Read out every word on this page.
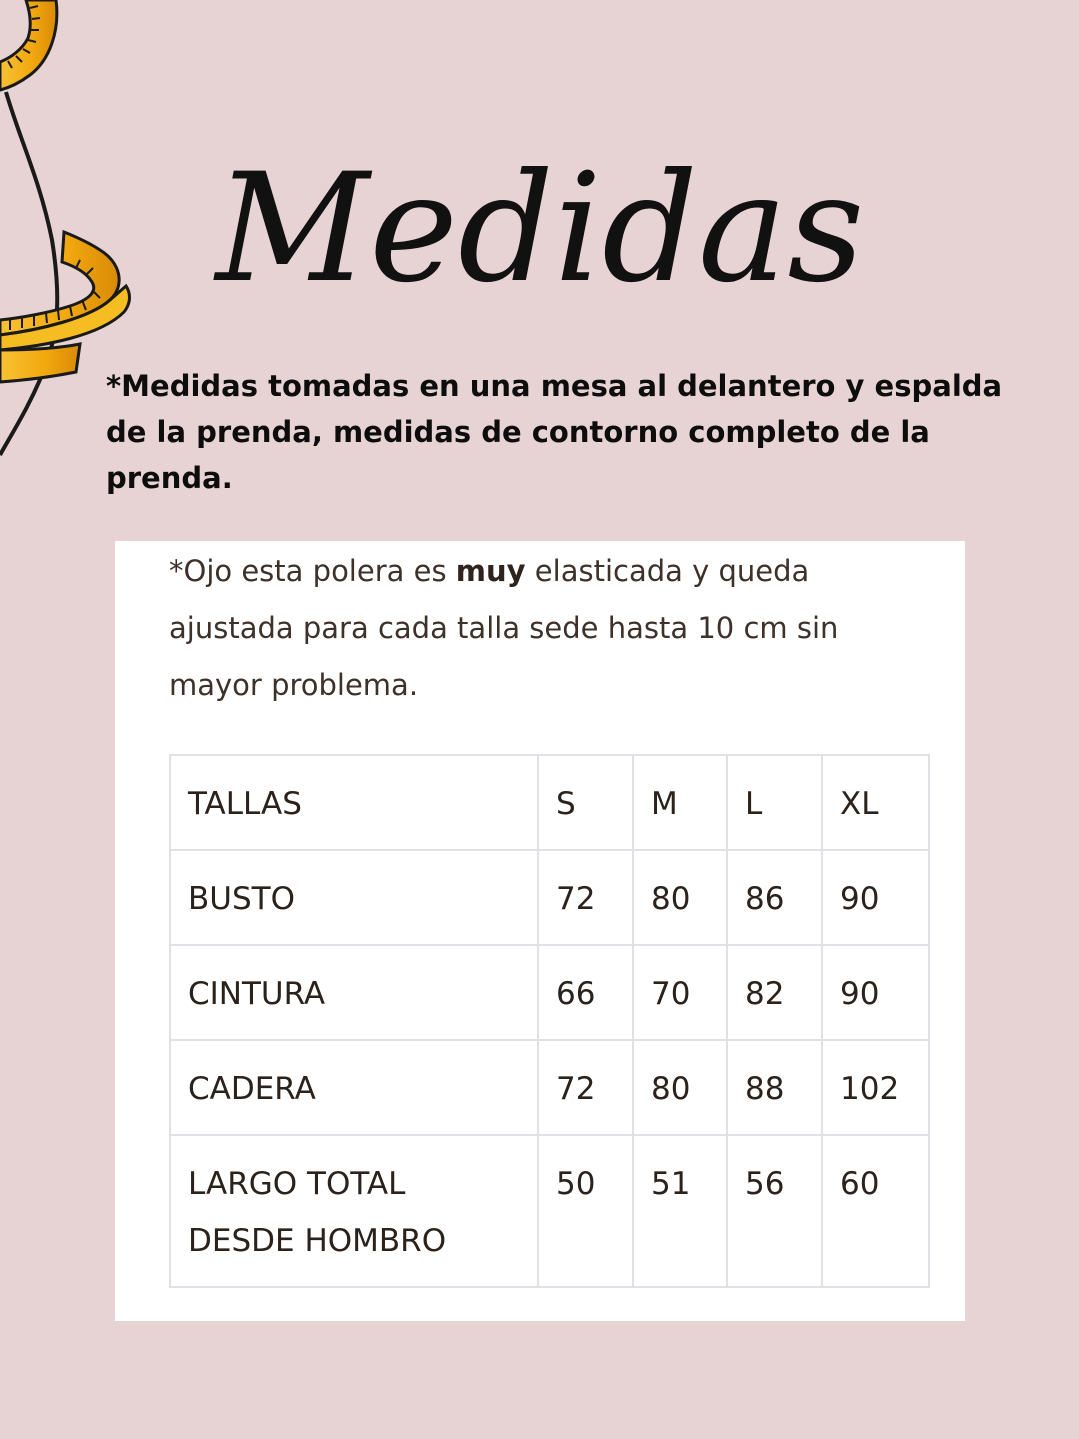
Medidas

*Medidas tomadas en una mesa al delantero y espalda de la prenda, medidas de contorno completo de la prenda.

*Ojo esta polera es muy elasticada y queda ajustada para cada talla sede hasta 10 cm sin mayor problema.

TALLAS	S	M	L	XL
BUSTO	72	80	86	90
CINTURA	66	70	82	90
CADERA	72	80	88	102
LARGO TOTAL DESDE HOMBRO	50	51	56	60
